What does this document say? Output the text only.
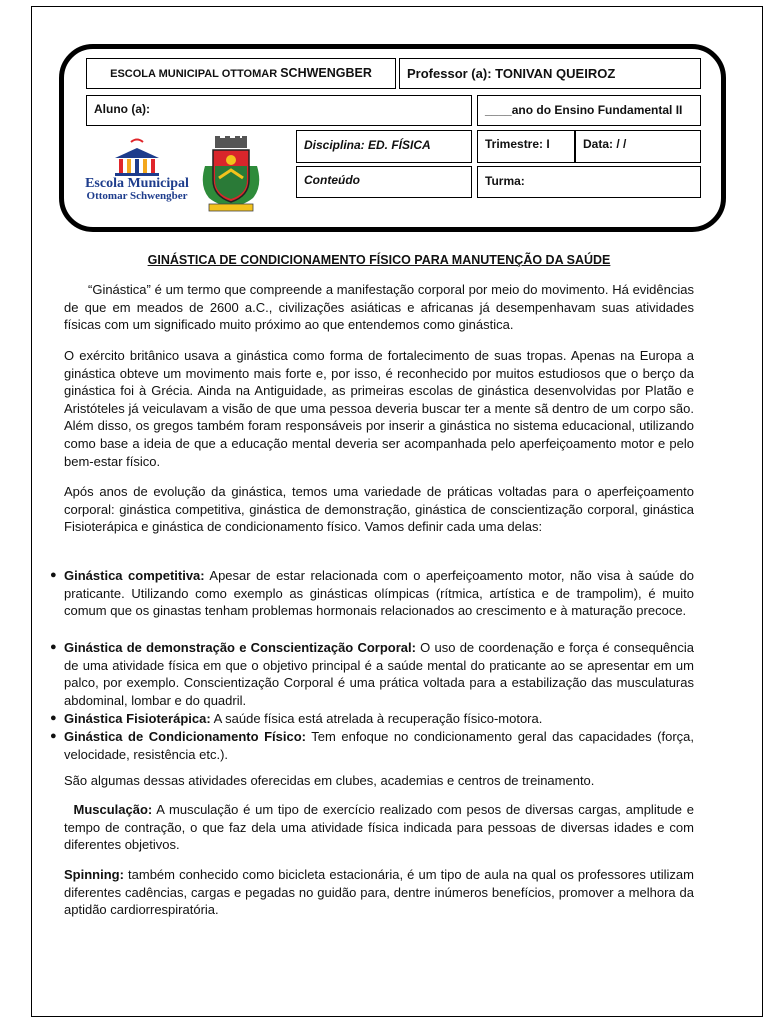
ESCOLA MUNICIPAL OTTOMAR SCHWENGBER	Professor (a): TONIVAN QUEIROZ
Aluno (a):	____ano do Ensino Fundamental II
Disciplina: ED. FÍSICA	Trimestre: I	Data: / /
Conteúdo	Turma:
Escola Municipal
Ottomar Schwengber
GINÁSTICA DE CONDICIONAMENTO FÍSICO PARA MANUTENÇÃO DA SAÚDE

“Ginástica” é um termo que compreende a manifestação corporal por meio do movimento. Há evidências de que em meados de 2600 a.C., civilizações asiáticas e africanas já desempenhavam suas atividades físicas com um significado muito próximo ao que entendemos como ginástica.

O exército britânico usava a ginástica como forma de fortalecimento de suas tropas. Apenas na Europa a ginástica obteve um movimento mais forte e, por isso, é reconhecido por muitos estudiosos que o berço da ginástica foi à Grécia. Ainda na Antiguidade, as primeiras escolas de ginástica desenvolvidas por Platão e Aristóteles já veiculavam a visão de que uma pessoa deveria buscar ter a mente sã dentro de um corpo são. Além disso, os gregos também foram responsáveis por inserir a ginástica no sistema educacional, utilizando como base a ideia de que a educação mental deveria ser acompanhada pelo aperfeiçoamento motor e pelo bem-estar físico.

Após anos de evolução da ginástica, temos uma variedade de práticas voltadas para o aperfeiçoamento corporal: ginástica competitiva, ginástica de demonstração, ginástica de conscientização corporal, ginástica Fisioterápica e ginástica de condicionamento físico. Vamos definir cada uma delas:

● Ginástica competitiva: Apesar de estar relacionada com o aperfeiçoamento motor, não visa à saúde do praticante. Utilizando como exemplo as ginásticas olímpicas (rítmica, artística e de trampolim), é muito comum que os ginastas tenham problemas hormonais relacionados ao crescimento e à maturação precoce.
● Ginástica de demonstração e Conscientização Corporal: O uso de coordenação e força é consequência de uma atividade física em que o objetivo principal é a saúde mental do praticante ao se apresentar em um palco, por exemplo. Conscientização Corporal é uma prática voltada para a estabilização das musculaturas abdominal, lombar e do quadril.
● Ginástica Fisioterápica: A saúde física está atrelada à recuperação físico-motora.
● Ginástica de Condicionamento Físico: Tem enfoque no condicionamento geral das capacidades (força, velocidade, resistência etc.).

São algumas dessas atividades oferecidas em clubes, academias e centros de treinamento.

Musculação: A musculação é um tipo de exercício realizado com pesos de diversas cargas, amplitude e tempo de contração, o que faz dela uma atividade física indicada para pessoas de diversas idades e com diferentes objetivos.

Spinning: também conhecido como bicicleta estacionária, é um tipo de aula na qual os professores utilizam diferentes cadências, cargas e pegadas no guidão para, dentre inúmeros benefícios, promover a melhora da aptidão cardiorrespiratória.
